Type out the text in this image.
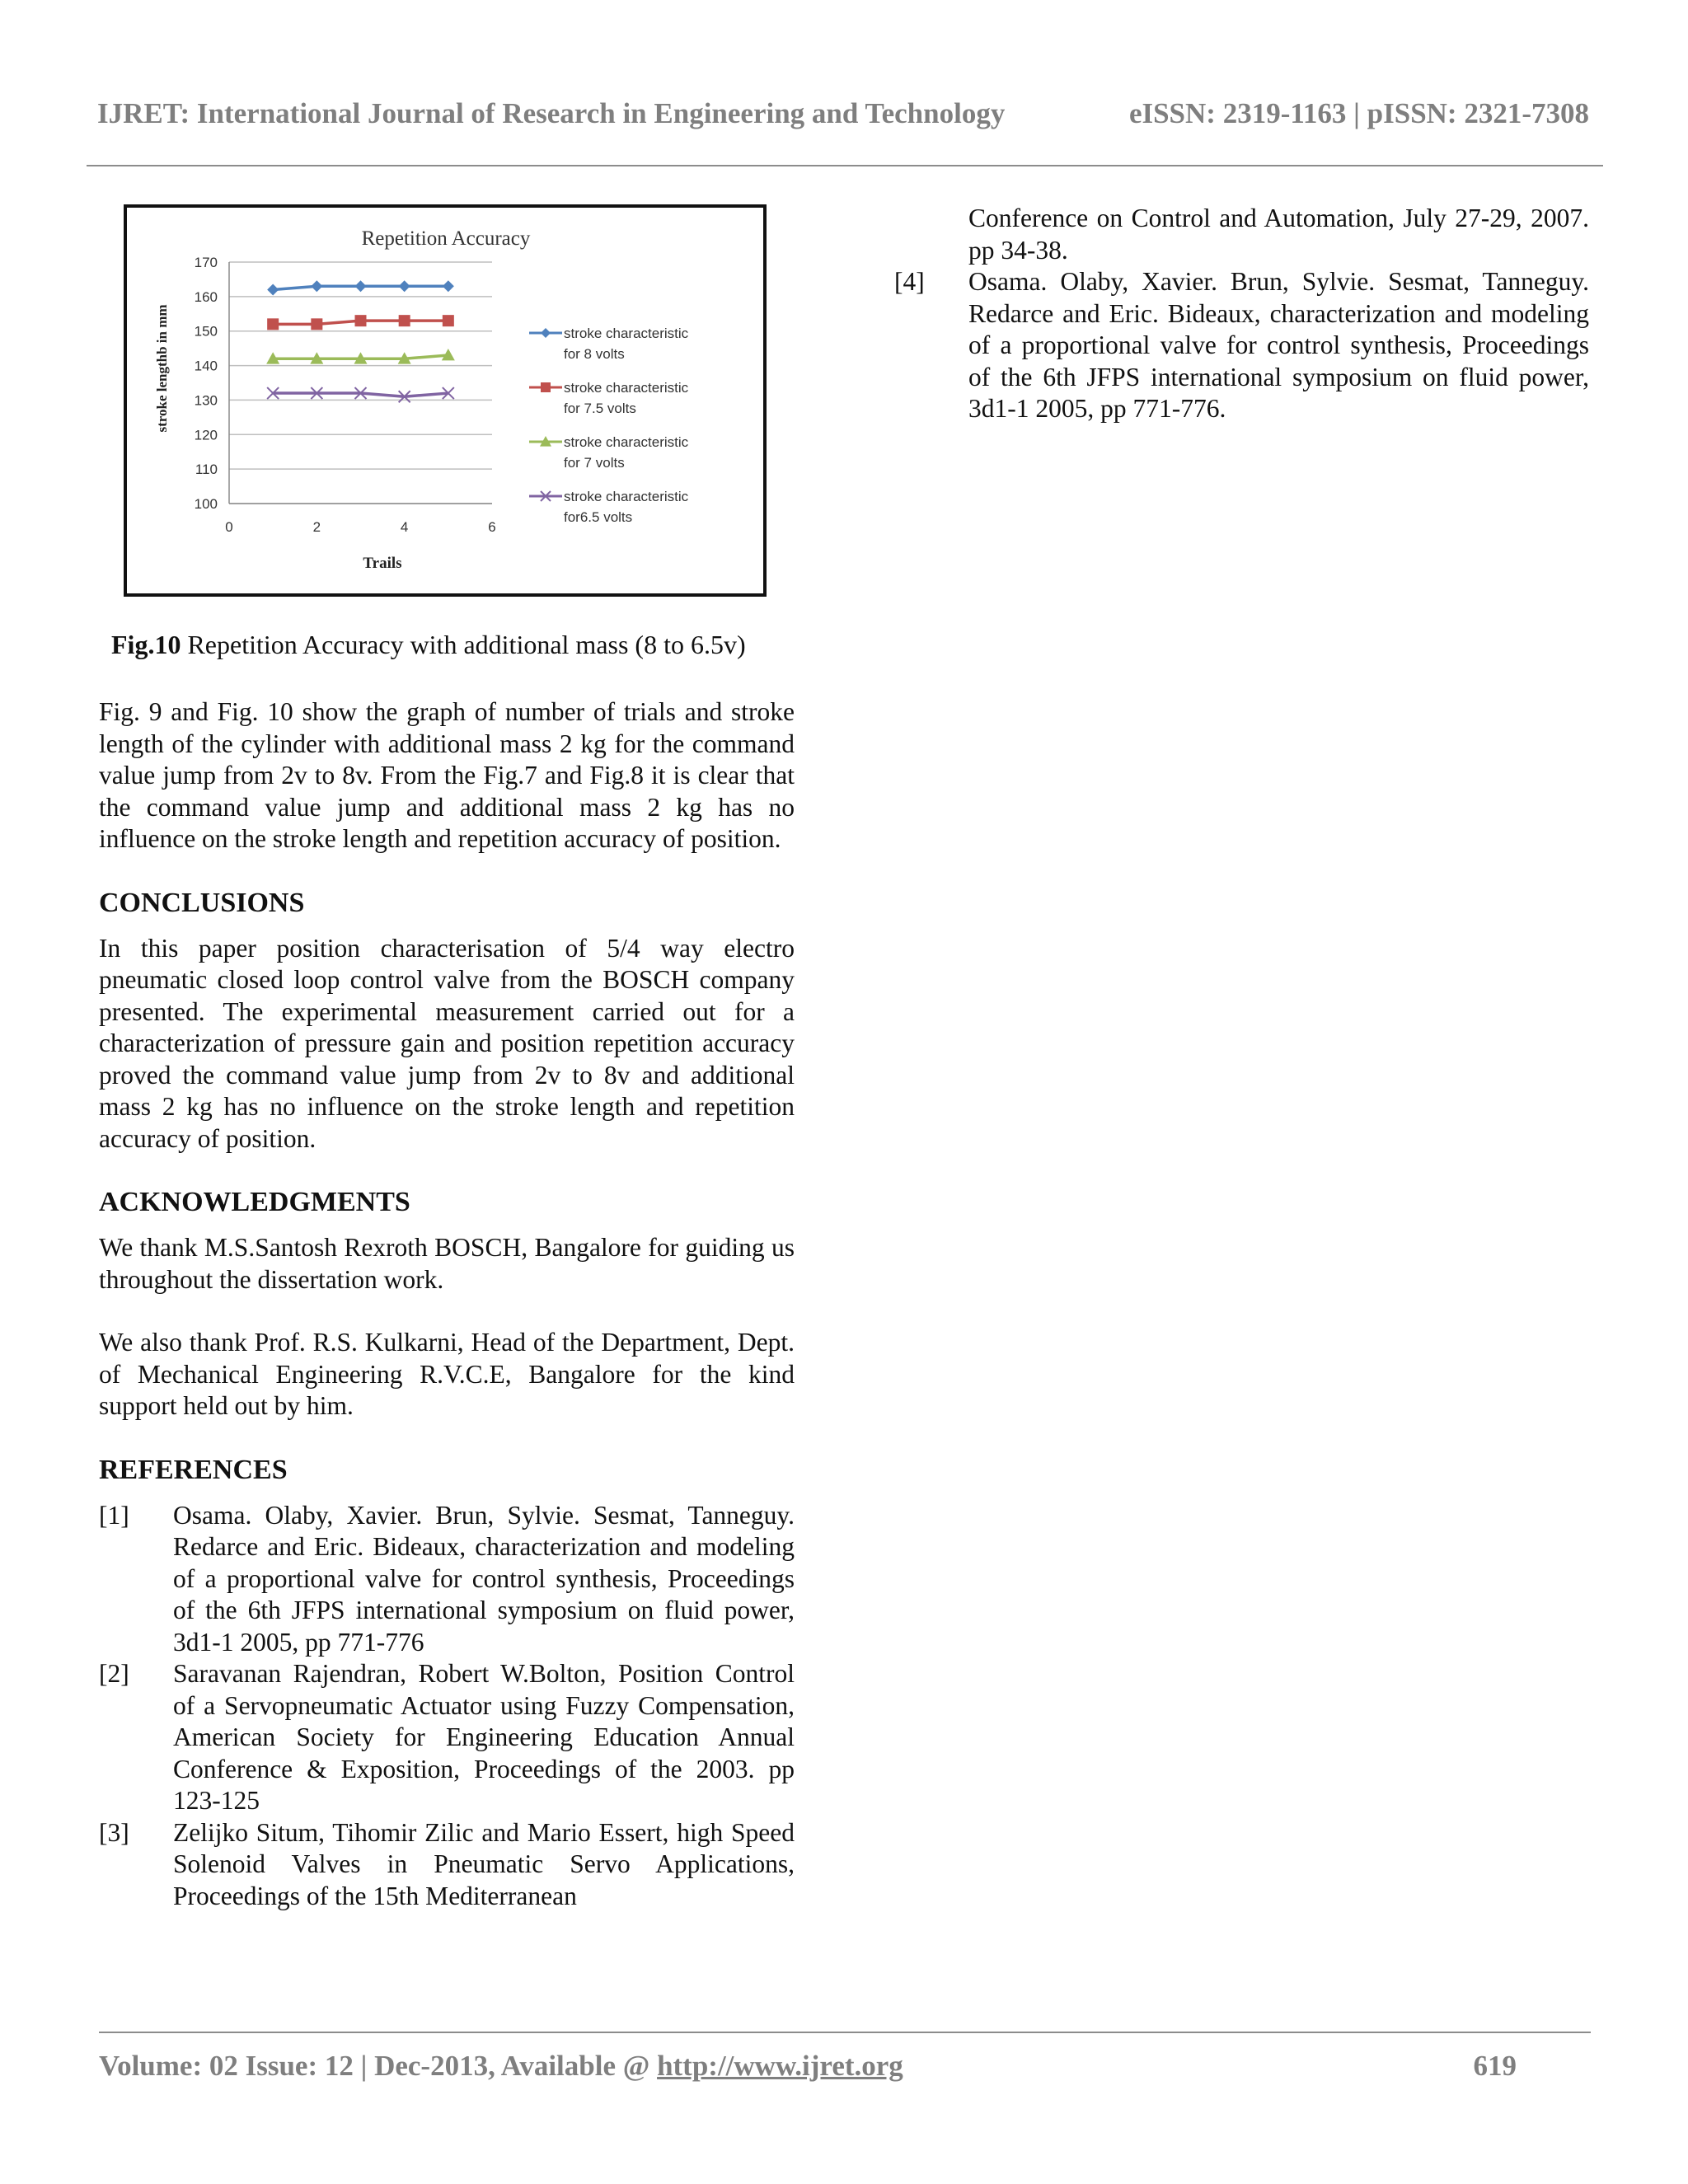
IJRET: International Journal of Research in Engineering and Technology	eISSN: 2319-1163 | pISSN: 2321-7308
Repetition Accuracy
stroke lengthb in mm
Trails
100
110
120
130
140
150
160
170
0	2	4	6
stroke characteristic
for 8 volts
stroke characteristic
for 7.5 volts
stroke characteristic
for 7 volts
stroke characteristic
for6.5 volts
Fig.10 Repetition Accuracy with additional mass (8 to 6.5v)

Fig. 9 and Fig. 10 show the graph of number of trials and stroke length of the cylinder with additional mass 2 kg for the command value jump from 2v to 8v. From the Fig.7 and Fig.8 it is clear that the command value jump and additional mass 2 kg has no influence on the stroke length and repetition accuracy of position.

CONCLUSIONS

In this paper position characterisation of 5/4 way electro pneumatic closed loop control valve from the BOSCH company presented. The experimental measurement carried out for a characterization of pressure gain and position repetition accuracy proved the command value jump from 2v to 8v and additional mass 2 kg has no influence on the stroke length and repetition accuracy of position.

ACKNOWLEDGMENTS

We thank M.S.Santosh Rexroth BOSCH, Bangalore for guiding us throughout the dissertation work.

We also thank Prof. R.S. Kulkarni, Head of the Department, Dept. of Mechanical Engineering R.V.C.E, Bangalore for the kind support held out by him.

REFERENCES
[1]	Osama. Olaby, Xavier. Brun, Sylvie. Sesmat, Tanneguy. Redarce and Eric. Bideaux, characterization and modeling of a proportional valve for control synthesis, Proceedings of the 6th JFPS international symposium on fluid power, 3d1-1 2005, pp 771-776
[2]	Saravanan Rajendran, Robert W.Bolton, Position Control of a Servopneumatic Actuator using Fuzzy Compensation, American Society for Engineering Education Annual Conference & Exposition, Proceedings of the 2003. pp 123-125
[3]	Zelijko Situm, Tihomir Zilic and Mario Essert, high Speed Solenoid Valves in Pneumatic Servo Applications, Proceedings of the 15th Mediterranean
Conference on Control and Automation, July 27-29, 2007. pp 34-38.
[4]	Osama. Olaby, Xavier. Brun, Sylvie. Sesmat, Tanneguy. Redarce and Eric. Bideaux, characterization and modeling of a proportional valve for control synthesis, Proceedings of the 6th JFPS international symposium on fluid power, 3d1-1 2005, pp 771-776.
Volume: 02 Issue: 12 | Dec-2013, Available @ http://www.ijret.org	619
